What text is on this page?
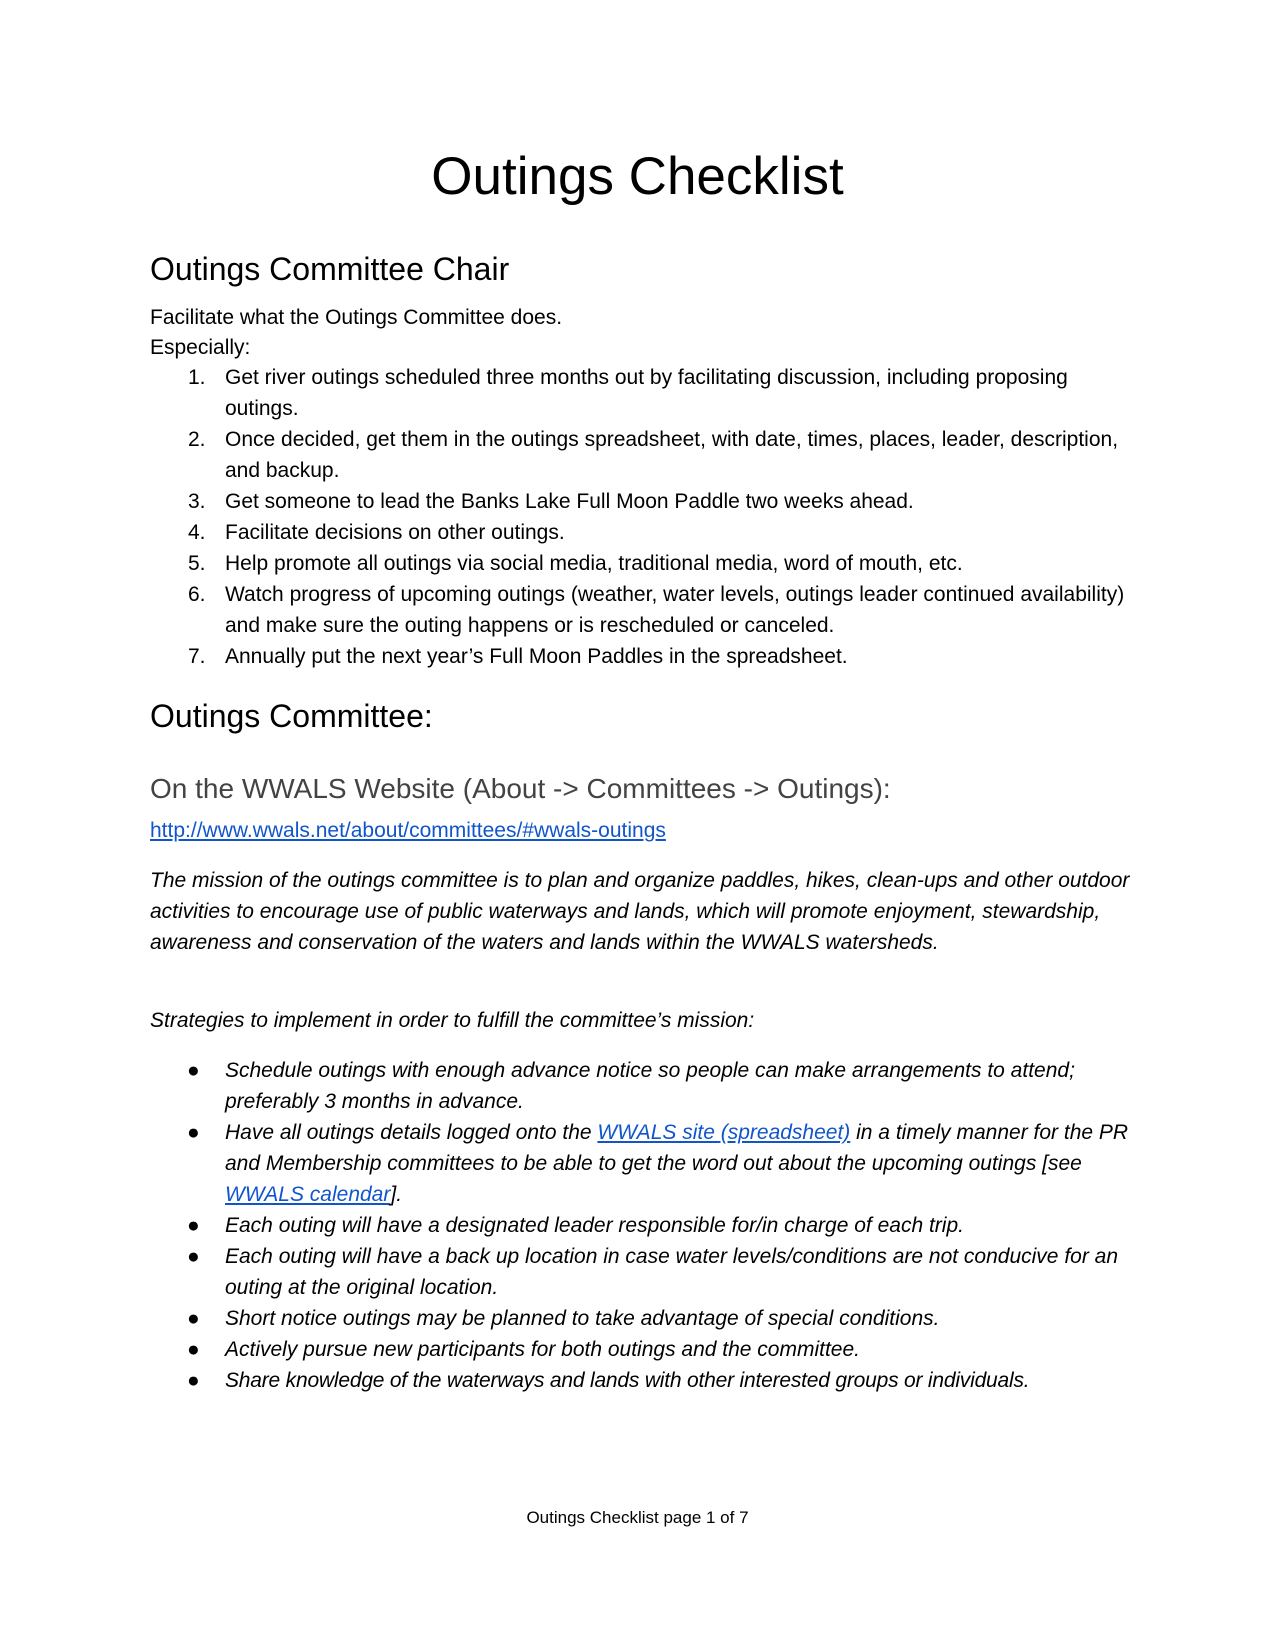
Outings Checklist
Outings Committee Chair

Facilitate what the Outings Committee does.

Especially:

1. Get river outings scheduled three months out by facilitating discussion, including proposing outings.
2. Once decided, get them in the outings spreadsheet, with date, times, places, leader, description, and backup.
3. Get someone to lead the Banks Lake Full Moon Paddle two weeks ahead.
4. Facilitate decisions on other outings.
5. Help promote all outings via social media, traditional media, word of mouth, etc.
6. Watch progress of upcoming outings (weather, water levels, outings leader continued availability) and make sure the outing happens or is rescheduled or canceled.
7. Annually put the next year’s Full Moon Paddles in the spreadsheet.
Outings Committee:
On the WWALS Website (About -> Committees -> Outings):

http://www.wwals.net/about/committees/#wwals-outings

The mission of the outings committee is to plan and organize paddles, hikes, clean-ups and other outdoor activities to encourage use of public waterways and lands, which will promote enjoyment, stewardship, awareness and conservation of the waters and lands within the WWALS watersheds.

Strategies to implement in order to fulfill the committee’s mission:

● Schedule outings with enough advance notice so people can make arrangements to attend; preferably 3 months in advance.
● Have all outings details logged onto the WWALS site (spreadsheet) in a timely manner for the PR and Membership committees to be able to get the word out about the upcoming outings [see WWALS calendar].
● Each outing will have a designated leader responsible for/in charge of each trip.
● Each outing will have a back up location in case water levels/conditions are not conducive for an outing at the original location.
● Short notice outings may be planned to take advantage of special conditions.
● Actively pursue new participants for both outings and the committee.
● Share knowledge of the waterways and lands with other interested groups or individuals.

Outings Checklist page 1 of 7
